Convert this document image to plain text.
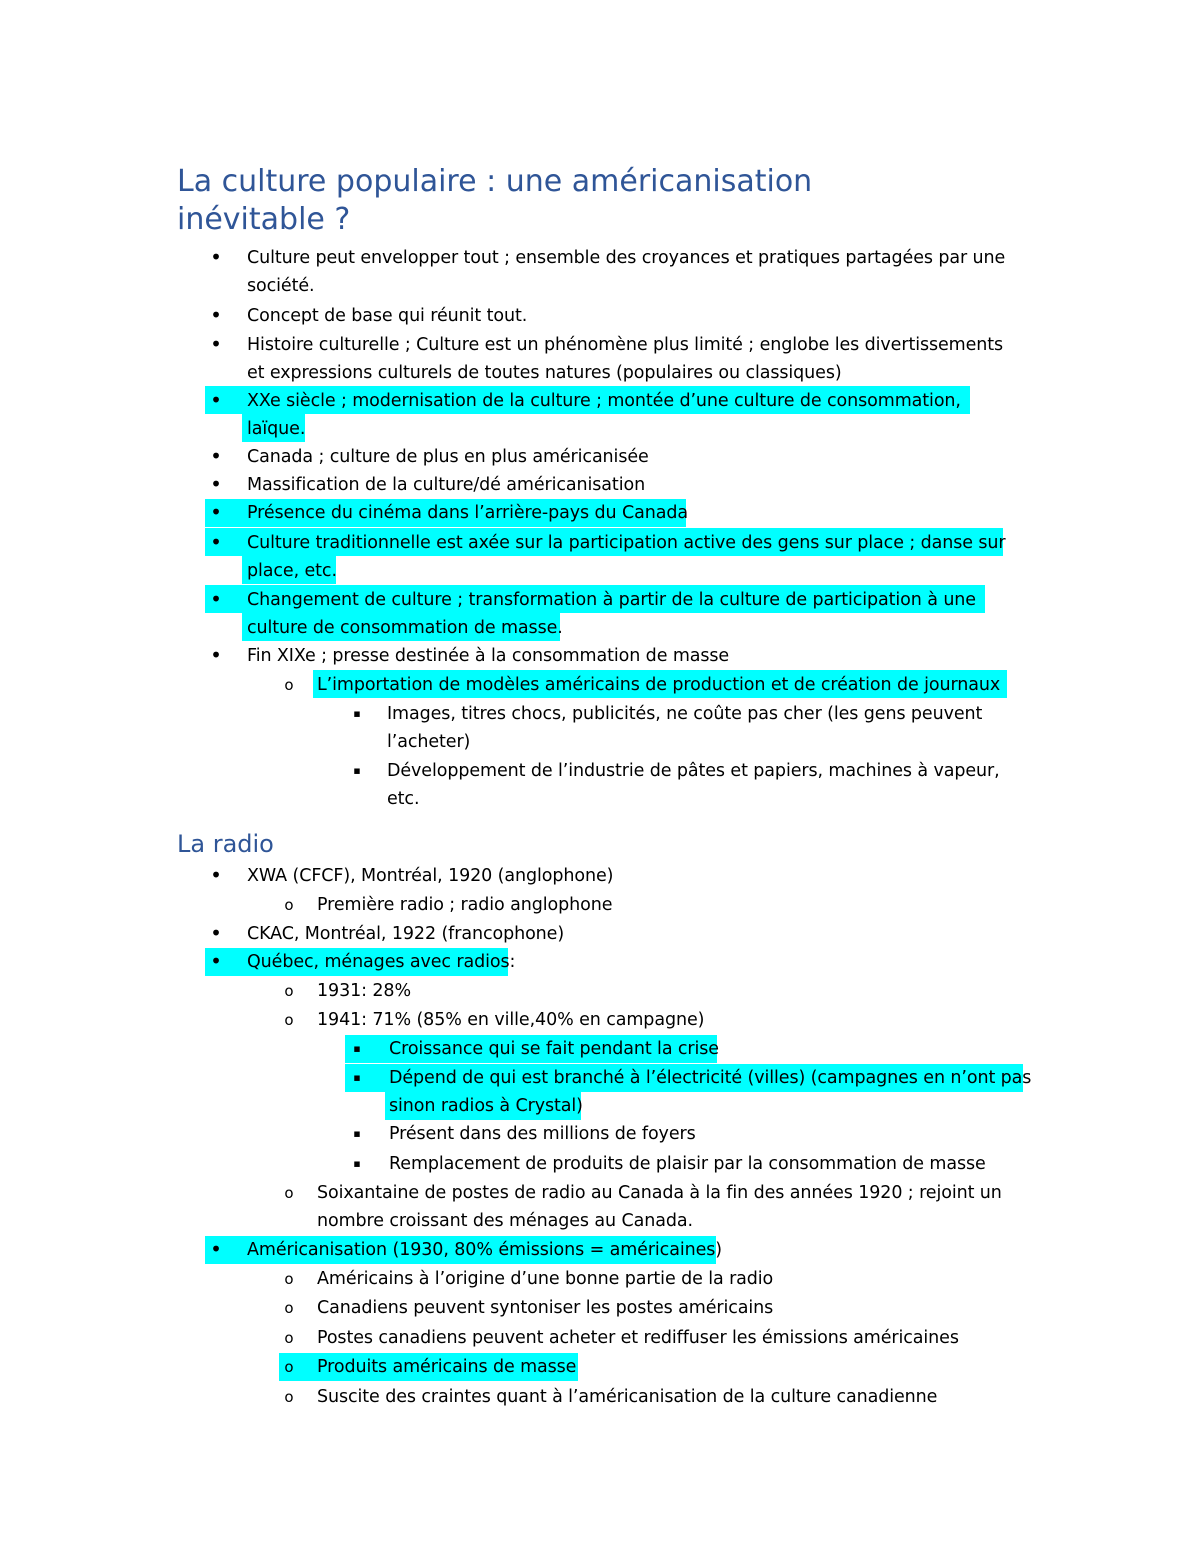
La culture populaire : une américanisation
inévitable ?
• Culture peut envelopper tout ; ensemble des croyances et pratiques partagées par une
société.
• Concept de base qui réunit tout.
• Histoire culturelle ; Culture est un phénomène plus limité ; englobe les divertissements
et expressions culturels de toutes natures (populaires ou classiques)
• XXe siècle ; modernisation de la culture ; montée d’une culture de consommation,
laïque.
• Canada ; culture de plus en plus américanisée
• Massification de la culture/dé américanisation
• Présence du cinéma dans l’arrière-pays du Canada
• Culture traditionnelle est axée sur la participation active des gens sur place ; danse sur
place, etc.
• Changement de culture ; transformation à partir de la culture de participation à une
culture de consommation de masse.
• Fin XIXe ; presse destinée à la consommation de masse
o L’importation de modèles américains de production et de création de journaux
▪ Images, titres chocs, publicités, ne coûte pas cher (les gens peuvent
l’acheter)
▪ Développement de l’industrie de pâtes et papiers, machines à vapeur,
etc.
La radio
• XWA (CFCF), Montréal, 1920 (anglophone)
o Première radio ; radio anglophone
• CKAC, Montréal, 1922 (francophone)
• Québec, ménages avec radios:
o 1931: 28%
o 1941: 71% (85% en ville,40% en campagne)
▪ Croissance qui se fait pendant la crise
▪ Dépend de qui est branché à l’électricité (villes) (campagnes en n’ont pas
sinon radios à Crystal)
▪ Présent dans des millions de foyers
▪ Remplacement de produits de plaisir par la consommation de masse
o Soixantaine de postes de radio au Canada à la fin des années 1920 ; rejoint un
nombre croissant des ménages au Canada.
• Américanisation (1930, 80% émissions = américaines)
o Américains à l’origine d’une bonne partie de la radio
o Canadiens peuvent syntoniser les postes américains
o Postes canadiens peuvent acheter et rediffuser les émissions américaines
o Produits américains de masse
o Suscite des craintes quant à l’américanisation de la culture canadienne
